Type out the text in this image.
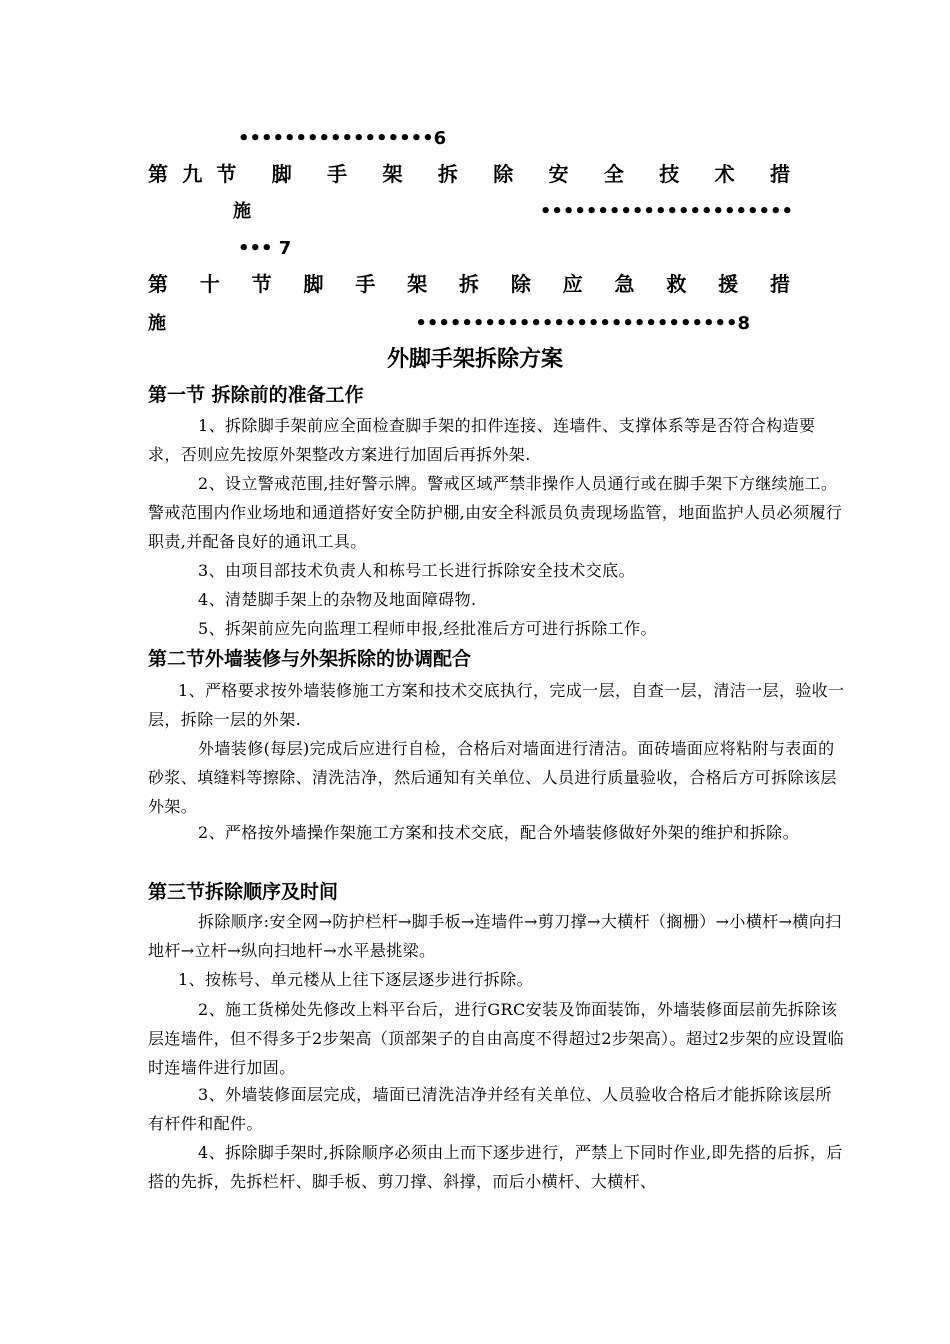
•••••••••••••••••6
第九节 脚 手 架 拆 除 安 全 技 术 措
施 ••••••••••••••••••••••
••• 7
第 十 节 脚 手 架 拆 除 应 急 救 援 措
施 ••••••••••••••••••••••••••••8
外脚手架拆除方案
第一节 拆除前的准备工作
1、拆除脚手架前应全面检查脚手架的扣件连接、连墙件、支撑体系等是否符合构造要求，否则应先按原外架整改方案进行加固后再拆外架.
2、设立警戒范围,挂好警示牌。警戒区域严禁非操作人员通行或在脚手架下方继续施工。警戒范围内作业场地和通道搭好安全防护棚,由安全科派员负责现场监管，地面监护人员必须履行职责,并配备良好的通讯工具。
3、由项目部技术负责人和栋号工长进行拆除安全技术交底。
4、清楚脚手架上的杂物及地面障碍物.
5、拆架前应先向监理工程师申报,经批准后方可进行拆除工作。
第二节外墙装修与外架拆除的协调配合
1、严格要求按外墙装修施工方案和技术交底执行，完成一层，自查一层，清洁一层，验收一层，拆除一层的外架.
外墙装修(每层)完成后应进行自检，合格后对墙面进行清洁。面砖墙面应将粘附与表面的砂浆、填缝料等擦除、清洗洁净，然后通知有关单位、人员进行质量验收，合格后方可拆除该层外架。
2、严格按外墙操作架施工方案和技术交底，配合外墙装修做好外架的维护和拆除。
第三节拆除顺序及时间
拆除顺序:安全网→防护栏杆→脚手板→连墙件→剪刀撑→大横杆（搁栅）→小横杆→横向扫地杆→立杆→纵向扫地杆→水平悬挑梁。
1、按栋号、单元楼从上往下逐层逐步进行拆除。
2、施工货梯处先修改上料平台后，进行GRC安装及饰面装饰，外墙装修面层前先拆除该层连墙件，但不得多于2步架高（顶部架子的自由高度不得超过2步架高）。超过2步架的应设置临时连墙件进行加固。
3、外墙装修面层完成，墙面已清洗洁净并经有关单位、人员验收合格后才能拆除该层所有杆件和配件。
4、拆除脚手架时,拆除顺序必须由上而下逐步进行，严禁上下同时作业,即先搭的后拆，后搭的先拆，先拆栏杆、脚手板、剪刀撑、斜撑，而后小横杆、大横杆、
